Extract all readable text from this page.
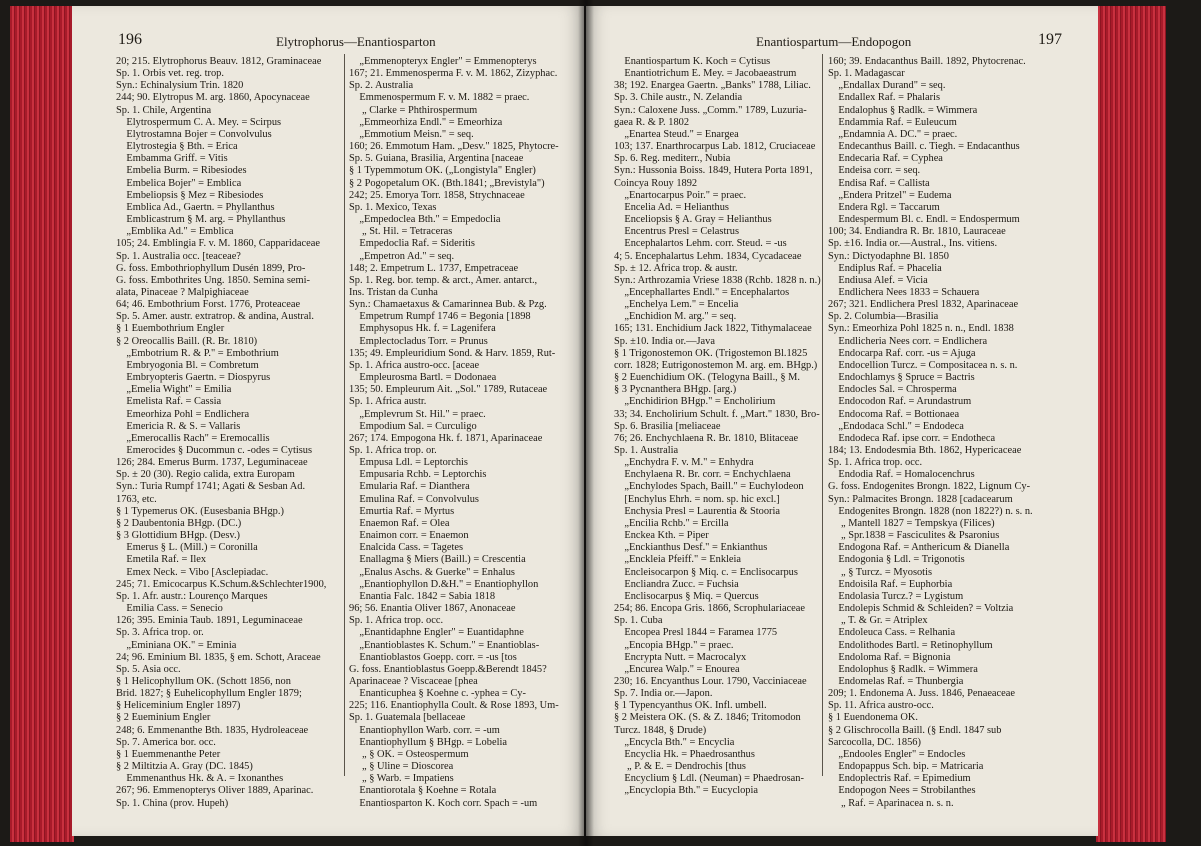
196	Elytrophorus—Enantiosparton
20; 215. Elytrophorus Beauv. 1812, Graminaceae
Sp. 1. Orbis vet. reg. trop.
Syn.: Echinalysium Trin. 1820
244; 90. Elytropus M. arg. 1860, Apocynaceae
Sp. 1. Chile, Argentina
 Elytrospermum C. A. Mey. = Scirpus
 Elytrostamna Bojer = Convolvulus
 Elytrostegia § Bth. = Erica
 Embamma Griff. = Vitis
 Embelia Burm. = Ribesiodes
 Embelica Bojer" = Emblica
 Embeliopsis § Mez = Ribesiodes
 Emblica Ad., Gaertn. = Phyllanthus
 Emblicastrum § M. arg. = Phyllanthus
 „Emblika Ad." = Emblica
105; 24. Emblingia F. v. M. 1860, Capparidaceae
Sp. 1. Australia occ. [teaceae?
G. foss. Embothriophyllum Dusén 1899, Pro-
G. foss. Embothrites Ung. 1850. Semina semi-
alata, Pinaceae ? Malpighiaceae
64; 46. Embothrium Forst. 1776, Proteaceae
Sp. 5. Amer. austr. extratrop. & andina, Austral.
§ 1 Euembothrium Engler
§ 2 Oreocallis Baill. (R. Br. 1810)
 „Embotrium R. & P." = Embothrium
 Embryogonia Bl. = Combretum
 Embryopteris Gaertn. = Diospyrus
 „Emelia Wight" = Emilia
 Emelista Raf. = Cassia
 Emeorhiza Pohl = Endlichera
 Emericia R. & S. = Vallaris
 „Emerocallis Rach" = Eremocallis
 Emerocides § Ducommun c. -odes = Cytisus
126; 284. Emerus Burm. 1737, Leguminaceae
Sp. ± 20 (30). Regio calida, extra Europam
Syn.: Turia Rumpf 1741; Agati & Sesban Ad.
1763, etc.
§ 1 Typemerus OK. (Eusesbania BHgp.)
§ 2 Daubentonia BHgp. (DC.)
§ 3 Glottidium BHgp. (Desv.)
 Emerus § L. (Mill.) = Coronilla
 Emetila Raf. = Ilex
 Emex Neck. = Vibo [Asclepiadac.
245; 71. Emicocarpus K.Schum.&Schlechter1900,
Sp. 1. Afr. austr.: Lourenço Marques
 Emilia Cass. = Senecio
126; 395. Eminia Taub. 1891, Leguminaceae
Sp. 3. Africa trop. or.
 „Eminiana OK." = Eminia
24; 96. Eminium Bl. 1835, § em. Schott, Araceae
Sp. 5. Asia occ.
§ 1 Helicophyllum OK. (Schott 1856, non
Brid. 1827; § Euhelicophyllum Engler 1879;
§ Heliceminium Engler 1897)
§ 2 Eueminium Engler
248; 6. Emmenanthe Bth. 1835, Hydroleaceae
Sp. 7. America bor. occ.
§ 1 Euemmenanthe Peter
§ 2 Miltitzia A. Gray (DC. 1845)
 Emmenanthus Hk. & A. = Ixonanthes
267; 96. Emmenopterys Oliver 1889, Aparinac.
Sp. 1. China (prov. Hupeh)
 „Emmenopteryx Engler" = Emmenopterys
167; 21. Emmenosperma F. v. M. 1862, Zizyphac.
Sp. 2. Australia
 Emmenospermum F. v. M. 1882 = praec.
  „ Clarke = Phthirospermum
 „Emmeorhiza Endl." = Emeorhiza
 „Emmotium Meisn." = seq.
160; 26. Emmotum Ham. „Desv." 1825, Phytocre-
Sp. 5. Guiana, Brasilia, Argentina [naceae
§ 1 Typemmotum OK. („Longistyla" Engler)
§ 2 Pogopetalum OK. (Bth.1841; „Brevistyla")
242; 25. Emorya Torr. 1858, Strychnaceae
Sp. 1. Mexico, Texas
 „Empedoclea Bth." = Empedoclia
  „ St. Hil. = Tetraceras
 Empedoclia Raf. = Sideritis
 „Empetron Ad." = seq.
148; 2. Empetrum L. 1737, Empetraceae
Sp. 1. Reg. bor. temp. & arct., Amer. antarct.,
Ins. Tristan da Cunha
Syn.: Chamaetaxus & Camarinnea Bub. & Pzg.
 Empetrum Rumpf 1746 = Begonia [1898
 Emphysopus Hk. f. = Lagenifera
 Emplectocladus Torr. = Prunus
135; 49. Empleuridium Sond. & Harv. 1859, Rut-
Sp. 1. Africa austro-occ. [aceae
 Empleurosma Bartl. = Dodonaea
135; 50. Empleurum Ait. „Sol." 1789, Rutaceae
Sp. 1. Africa austr.
 „Emplevrum St. Hil." = praec.
 Empodium Sal. = Curculigo
267; 174. Empogona Hk. f. 1871, Aparinaceae
Sp. 1. Africa trop. or.
 Empusa Ldl. = Leptorchis
 Empusaria Rchb. = Leptorchis
 Emularia Raf. = Dianthera
 Emulina Raf. = Convolvulus
 Emurtia Raf. = Myrtus
 Enaemon Raf. = Olea
 Enaimon corr. = Enaemon
 Enalcida Cass. = Tagetes
 Enallagma § Miers (Baill.) = Crescentia
 „Enalus Aschs. & Guerke" = Enhalus
 „Enantiophyllon D.&H." = Enantiophyllon
 Enantia Falc. 1842 = Sabia 1818
96; 56. Enantia Oliver 1867, Anonaceae
Sp. 1. Africa trop. occ.
 „Enantidaphne Engler" = Euantidaphne
 „Enantioblastes K. Schum." = Enantioblas-
 Enantioblastos Goepp. corr. = -us [tos
G. foss. Enantioblastus Goepp.&Berendt 1845?
Aparinaceae ? Viscaceae [phea
 Enanticuphea § Koehne c. -yphea = Cy-
225; 116. Enantiophylla Coult. & Rose 1893, Um-
Sp. 1. Guatemala [bellaceae
 Enantiophyllon Warb. corr. = -um
 Enantiophyllum § BHgp. = Lobelia
  „ § OK. = Osteospermum
  „ § Uline = Dioscorea
  „ § Warb. = Impatiens
 Enantiorotala § Koehne = Rotala
 Enantiosparton K. Koch corr. Spach = -um
Enantiospartum—Endopogon	197
 Enantiospartum K. Koch = Cytisus
 Enantiotrichum E. Mey. = Jacobaeastrum
38; 192. Enargea Gaertn. „Banks" 1788, Liliac.
Sp. 3. Chile austr., N. Zelandia
Syn.: Caloxene Juss. „Comm." 1789, Luzuria-
gaea R. & P. 1802
 „Enartea Steud." = Enargea
103; 137. Enarthrocarpus Lab. 1812, Cruciaceae
Sp. 6. Reg. mediterr., Nubia
Syn.: Hussonia Boiss. 1849, Hutera Porta 1891,
Coincya Rouy 1892
 „Enartocarpus Poir." = praec.
 Encelia Ad. = Helianthus
 Enceliopsis § A. Gray = Helianthus
 Encentrus Presl = Celastrus
 Encephalartos Lehm. corr. Steud. = -us
4; 5. Encephalartus Lehm. 1834, Cycadaceae
Sp. ± 12. Africa trop. & austr.
Syn.: Arthrozamia Vriese 1838 (Rchb. 1828 n. n.)
 „Encephallartes Endl." = Encephalartos
 „Enchelya Lem." = Encelia
 „Enchidion M. arg." = seq.
165; 131. Enchidium Jack 1822, Tithymalaceae
Sp. ±10. India or.—Java
§ 1 Trigonostemon OK. (Trigostemon Bl.1825
corr. 1828; Eutrigonostemon M. arg. em. BHgp.)
§ 2 Euenchidium OK. (Telogyna Baill., § M.
§ 3 Pycnanthera BHgp. [arg.)
 „Enchidirion BHgp." = Encholirium
33; 34. Encholirium Schult. f. „Mart." 1830, Bro-
Sp. 6. Brasilia [meliaceae
76; 26. Enchychlaena R. Br. 1810, Blitaceae
Sp. 1. Australia
 „Enchydra F. v. M." = Enhydra
 Enchylaena R. Br. corr. = Enchychlaena
 „Enchylodes Spach, Baill." = Euchylodeon
 [Enchylus Ehrh. = nom. sp. hic excl.]
 Enchysia Presl = Laurentia & Stooria
 „Encilia Rchb." = Ercilla
 Enckea Kth. = Piper
 „Enckianthus Desf." = Enkianthus
 „Enckleia Pfeiff." = Enkleia
 Encleisocarpon § Miq. c. = Enclisocarpus
 Encliandra Zucc. = Fuchsia
 Enclisocarpus § Miq. = Quercus
254; 86. Encopa Gris. 1866, Scrophulariaceae
Sp. 1. Cuba
 Encopea Presl 1844 = Faramea 1775
 „Encopia BHgp." = praec.
 Encrypta Nutt. = Macrocalyx
 „Encurea Walp." = Enourea
230; 16. Encyanthus Lour. 1790, Vacciniaceae
Sp. 7. India or.—Japon.
§ 1 Typencyanthus OK. Infl. umbell.
§ 2 Meistera OK. (S. & Z. 1846; Tritomodon
Turcz. 1848, § Drude)
 „Encycla Bth." = Encyclia
 Encyclia Hk. = Phaedrosanthus
  „ P. & E. = Dendrochis [thus
 Encyclium § Ldl. (Neuman) = Phaedrosan-
 „Encyclopia Bth." = Eucyclopia
160; 39. Endacanthus Baill. 1892, Phytocrenac.
Sp. 1. Madagascar
 „Endallax Durand" = seq.
 Endallex Raf. = Phalaris
 Endalophus § Radlk. = Wimmera
 Endammia Raf. = Euleucum
 „Endamnia A. DC." = praec.
 Endecanthus Baill. c. Tiegh. = Endacanthus
 Endecaria Raf. = Cyphea
 Endeisa corr. = seq.
 Endisa Raf. = Callista
 „Endera Pritzel" = Eudema
 Endera Rgl. = Taccarum
 Endespermum Bl. c. Endl. = Endospermum
100; 34. Endiandra R. Br. 1810, Lauraceae
Sp. ±16. India or.—Austral., Ins. vitiens.
Syn.: Dictyodaphne Bl. 1850
 Endiplus Raf. = Phacelia
 Endiusa Alef. = Vicia
 Endlichera Nees 1833 = Schauera
267; 321. Endlichera Presl 1832, Aparinaceae
Sp. 2. Columbia—Brasilia
Syn.: Emeorhiza Pohl 1825 n. n., Endl. 1838
 Endlicheria Nees corr. = Endlichera
 Endocarpa Raf. corr. -us = Ajuga
 Endocellion Turcz. = Compositacea n. s. n.
 Endochlamys § Spruce = Bactris
 Endocles Sal. = Chrosperma
 Endocodon Raf. = Arundastrum
 Endocoma Raf. = Bottionaea
 „Endodaca Schl." = Endodeca
 Endodeca Raf. ipse corr. = Endotheca
184; 13. Endodesmia Bth. 1862, Hypericaceae
Sp. 1. Africa trop. occ.
 Endodia Raf. = Homalocenchrus
G. foss. Endogenites Brongn. 1822, Lignum Cy-
Syn.: Palmacites Brongn. 1828 [cadacearum
 Endogenites Brongn. 1828 (non 1822?) n. s. n.
  „ Mantell 1827 = Tempskya (Filices)
  „ Spr.1838 = Fasciculites & Psaronius
 Endogona Raf. = Anthericum & Dianella
 Endogonia § Ldl. = Trigonotis
  „ § Turcz. = Myosotis
 Endoisila Raf. = Euphorbia
 Endolasia Turcz.? = Lygistum
 Endolepis Schmid & Schleiden? = Voltzia
  „ T. & Gr. = Atriplex
 Endoleuca Cass. = Relhania
 Endolithodes Bartl. = Retinophyllum
 Endoloma Raf. = Bignonia
 Endolophus § Radlk. = Wimmera
 Endomelas Raf. = Thunbergia
209; 1. Endonema A. Juss. 1846, Penaeaceae
Sp. 11. Africa austro-occ.
§ 1 Euendonema OK.
§ 2 Glischrocolla Baill. (§ Endl. 1847 sub
Sarcocolla, DC. 1856)
 „Endooles Engler" = Endocles
 Endopappus Sch. bip. = Matricaria
 Endoplectris Raf. = Epimedium
 Endopogon Nees = Strobilanthes
  „ Raf. = Aparinacea n. s. n.
